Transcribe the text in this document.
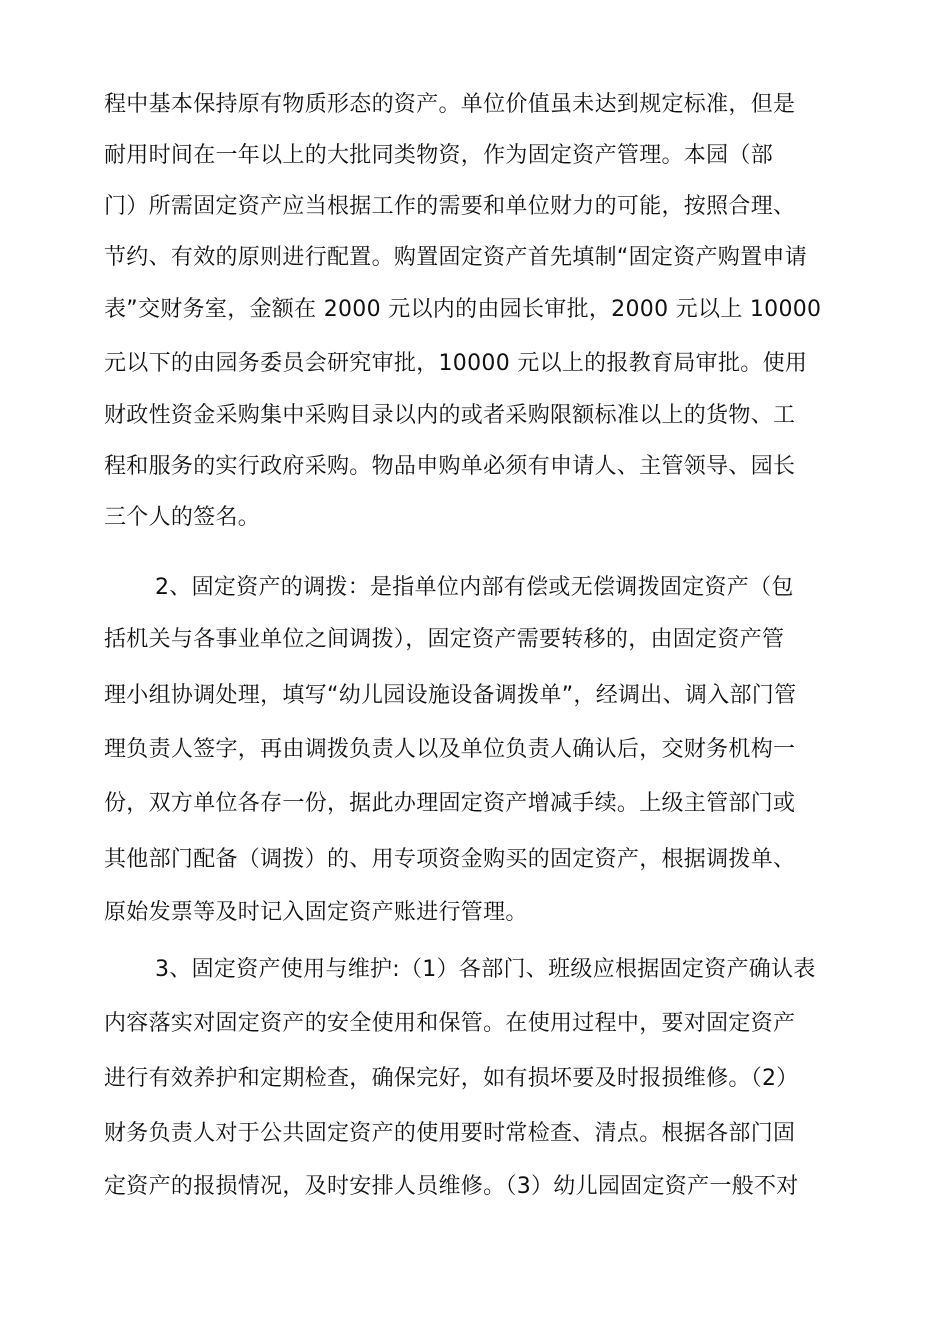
程中基本保持原有物质形态的资产。单位价值虽未达到规定标准，但是
耐用时间在一年以上的大批同类物资，作为固定资产管理。本园（部
门）所需固定资产应当根据工作的需要和单位财力的可能，按照合理、
节约、有效的原则进行配置。购置固定资产首先填制“固定资产购置申请
表”交财务室，金额在 2000 元以内的由园长审批，2000 元以上 10000
元以下的由园务委员会研究审批，10000 元以上的报教育局审批。使用
财政性资金采购集中采购目录以内的或者采购限额标准以上的货物、工
程和服务的实行政府采购。物品申购单必须有申请人、主管领导、园长
三个人的签名。
2、固定资产的调拨：是指单位内部有偿或无偿调拨固定资产（包
括机关与各事业单位之间调拨），固定资产需要转移的，由固定资产管
理小组协调处理，填写“幼儿园设施设备调拨单”，经调出、调入部门管
理负责人签字，再由调拨负责人以及单位负责人确认后，交财务机构一
份，双方单位各存一份，据此办理固定资产增减手续。上级主管部门或
其他部门配备（调拨）的、用专项资金购买的固定资产，根据调拨单、
原始发票等及时记入固定资产账进行管理。
3、固定资产使用与维护:（1）各部门、班级应根据固定资产确认表
内容落实对固定资产的安全使用和保管。在使用过程中，要对固定资产
进行有效养护和定期检查，确保完好，如有损坏要及时报损维修。（2）
财务负责人对于公共固定资产的使用要时常检查、清点。根据各部门固
定资产的报损情况，及时安排人员维修。（3）幼儿园固定资产一般不对
